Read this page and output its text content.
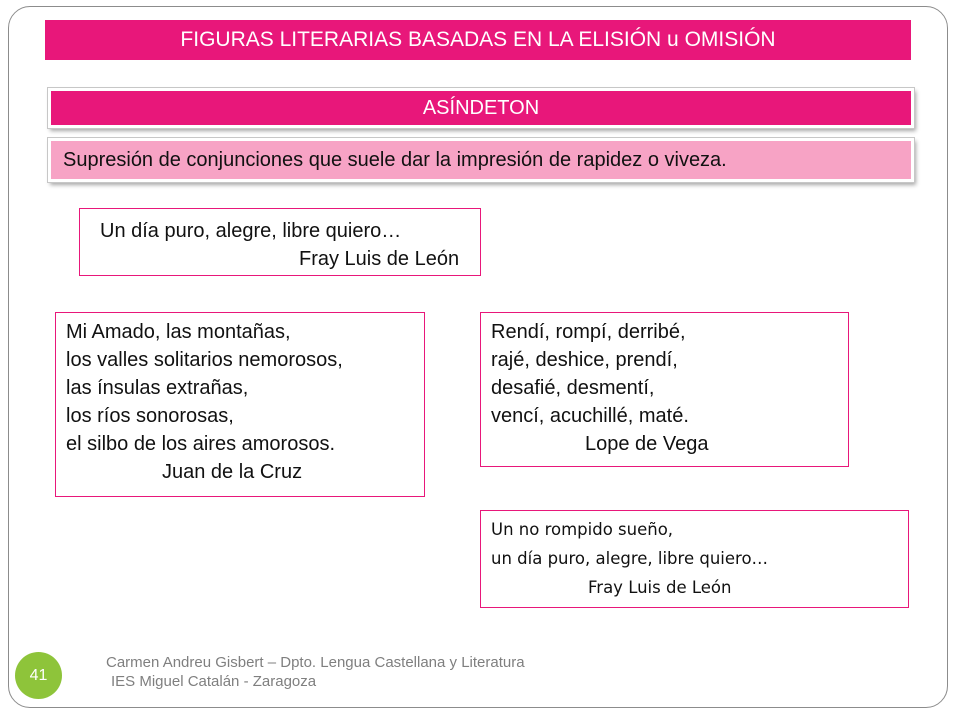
FIGURAS LITERARIAS BASADAS EN LA ELISIÓN u OMISIÓN
ASÍNDETON
Supresión de conjunciones que suele dar la impresión de rapidez o viveza.
Un día puro, alegre, libre quiero…
Fray Luis de León
Mi Amado, las montañas,
los valles solitarios nemorosos,
las ínsulas extrañas,
los ríos sonorosas,
el silbo de los aires amorosos.
Juan de la Cruz
Rendí, rompí, derribé,
rajé, deshice, prendí,
desafié, desmentí,
vencí, acuchillé, maté.
Lope de Vega
Un no rompido sueño,
un día puro, alegre, libre quiero…
Fray Luis de León
41
Carmen Andreu Gisbert – Dpto. Lengua Castellana y Literatura
IES Miguel Catalán - Zaragoza
